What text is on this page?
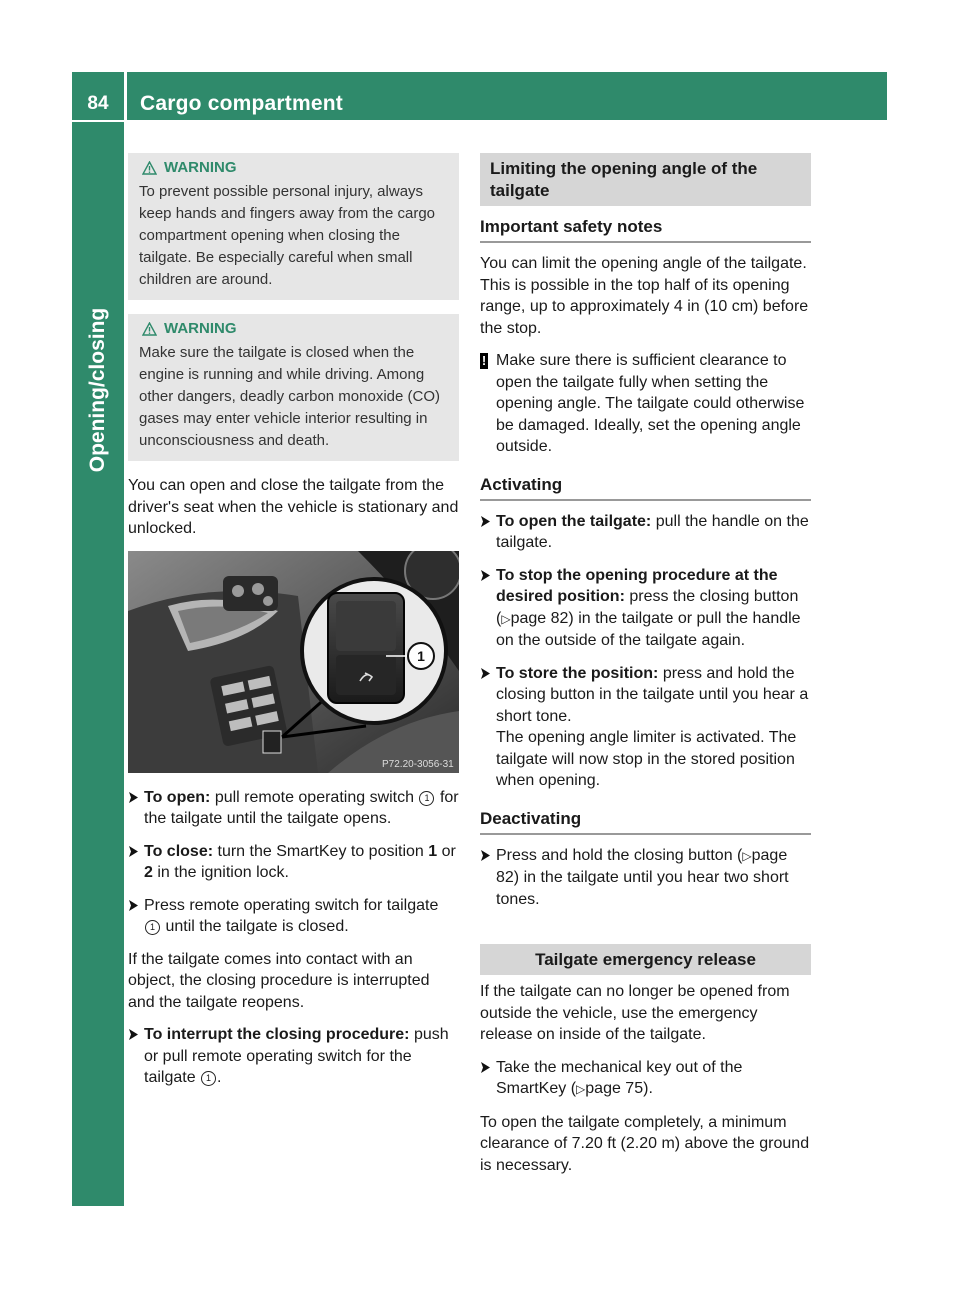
84	Cargo compartment
Opening/closing
WARNING
To prevent possible personal injury, always keep hands and fingers away from the cargo compartment opening when closing the tailgate. Be especially careful when small children are around.
WARNING
Make sure the tailgate is closed when the engine is running and while driving. Among other dangers, deadly carbon monoxide (CO) gases may enter vehicle interior resulting in unconsciousness and death.

You can open and close the tailgate from the driver's seat when the vehicle is stationary and unlocked.

1
P72.20-3056-31
To open: pull remote operating switch 1 for the tailgate until the tailgate opens.
To close: turn the SmartKey to position 1 or 2 in the ignition lock.
Press remote operating switch for tailgate 1 until the tailgate is closed.

If the tailgate comes into contact with an object, the closing procedure is interrupted and the tailgate reopens.

To interrupt the closing procedure: push or pull remote operating switch for the tailgate 1 .
Limiting the opening angle of the tailgate
Important safety notes

You can limit the opening angle of the tailgate. This is possible in the top half of its opening range, up to approximately 4 in (10 cm) before the stop.

! Make sure there is sufficient clearance to open the tailgate fully when setting the opening angle. The tailgate could otherwise be damaged. Ideally, set the opening angle outside.
Activating
To open the tailgate: pull the handle on the tailgate.
To stop the opening procedure at the desired position: press the closing button (▷page 82) in the tailgate or pull the handle on the outside of the tailgate again.
To store the position: press and hold the closing button in the tailgate until you hear a short tone.
The opening angle limiter is activated. The tailgate will now stop in the stored position when opening.
Deactivating
Press and hold the closing button (▷page 82) in the tailgate until you hear two short tones.
Tailgate emergency release

If the tailgate can no longer be opened from outside the vehicle, use the emergency release on inside of the tailgate.

Take the mechanical key out of the SmartKey (▷page 75).

To open the tailgate completely, a minimum clearance of 7.20 ft (2.20 m) above the ground is necessary.
